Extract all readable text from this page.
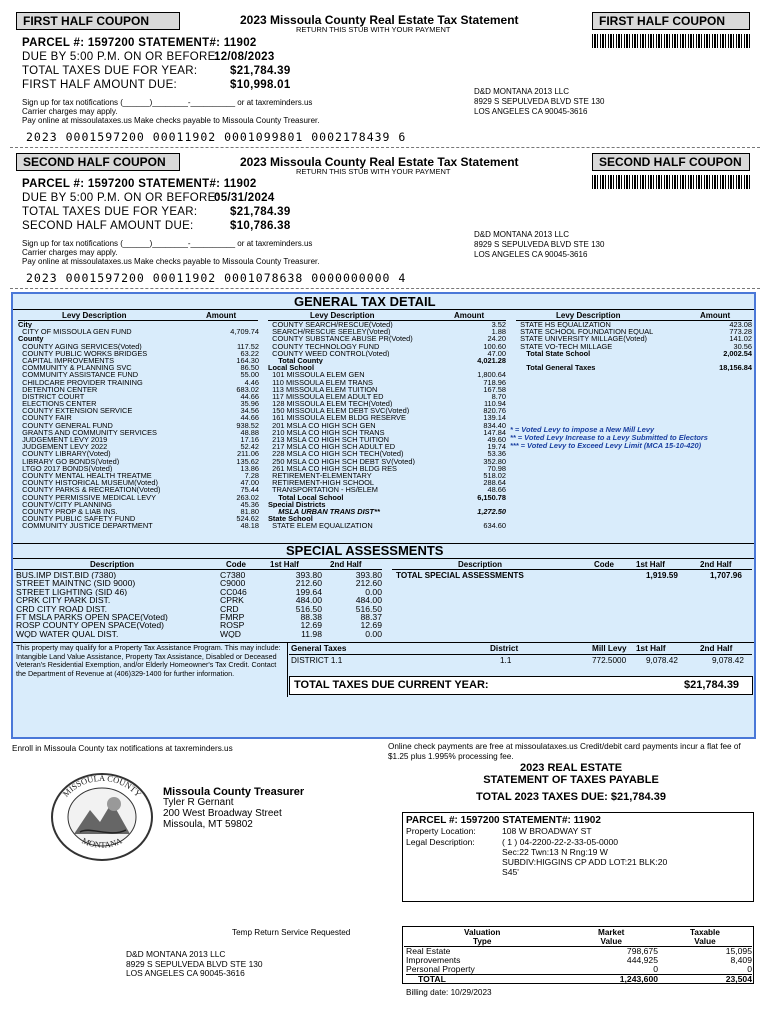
FIRST HALF COUPON	2023 Missoula County Real Estate Tax Statement
RETURN THIS STUB WITH YOUR PAYMENT
FIRST HALF COUPON
PARCEL #: 1597200 STATEMENT#: 11902
DUE BY 5:00 P.M. ON OR BEFORE:
12/08/2023
TOTAL TAXES DUE FOR YEAR:	$21,784.39
FIRST HALF AMOUNT DUE:	$10,998.01
Sign up for tax notifications (______)________-__________ or at taxreminders.us
Carrier charges may apply.
Pay online at missoulataxes.us Make checks payable to Missoula County Treasurer.
2023 0001597200 00011902 0001099801 0002178439 6
D&D MONTANA 2013 LLC
8929 S SEPULVEDA BLVD STE 130
LOS ANGELES CA 90045-3616
SECOND HALF COUPON	2023 Missoula County Real Estate Tax Statement
RETURN THIS STUB WITH YOUR PAYMENT
SECOND HALF COUPON
PARCEL #: 1597200 STATEMENT#: 11902
DUE BY 5:00 P.M. ON OR BEFORE:
05/31/2024
TOTAL TAXES DUE FOR YEAR:	$21,784.39
SECOND HALF AMOUNT DUE:	$10,786.38
Sign up for tax notifications (______)________-__________ or at taxreminders.us
Carrier charges may apply.
Pay online at missoulataxes.us Make checks payable to Missoula County Treasurer.
2023 0001597200 00011902 0001078638 0000000000 4
D&D MONTANA 2013 LLC
8929 S SEPULVEDA BLVD STE 130
LOS ANGELES CA 90045-3616
GENERAL TAX DETAIL
Levy Description	Amount	Levy Description	Amount	Levy Description	Amount
City
CITY OF MISSOULA GEN FUND	4,709.74
County
COUNTY AGING SERVICES(Voted)	117.52
COUNTY PUBLIC WORKS BRIDGES	63.22
CAPITAL IMPROVEMENTS	164.30
COMMUNITY & PLANNING SVC	86.50
COMMUNITY ASSISTANCE FUND	55.00
CHILDCARE PROVIDER TRAINING	4.46
DETENTION CENTER	683.02
DISTRICT COURT	44.66
ELECTIONS CENTER	35.96
COUNTY EXTENSION SERVICE	34.56
COUNTY FAIR	44.66
COUNTY GENERAL FUND	938.52
GRANTS AND COMMUNITY SERVICES	48.88
JUDGEMENT LEVY 2019	17.16
JUDGEMENT LEVY 2022	52.42
COUNTY LIBRARY(Voted)	211.06
LIBRARY GO BONDS(Voted)	135.62
LTGO 2017 BONDS(Voted)	13.86
COUNTY MENTAL HEALTH TREATME	7.28
COUNTY HISTORICAL MUSEUM(Voted)	47.00
COUNTY PARKS & RECREATION(Voted)	75.44
COUNTY PERMISSIVE MEDICAL LEVY	263.02
COUNTY/CITY PLANNING	45.36
COUNTY PROP & LIAB INS.	81.80
COUNTY PUBLIC SAFETY FUND	524.62
COMMUNITY JUSTICE DEPARTMENT	48.18
COUNTY SEARCH/RESCUE(Voted)	3.52
SEARCH/RESCUE SEELEY(Voted)	1.88
COUNTY SUBSTANCE ABUSE PR(Voted)	24.20
COUNTY TECHNOLOGY FUND	100.60
COUNTY WEED CONTROL(Voted)	47.00
Total County	4,021.28
Local School
101 MISSOULA ELEM GEN	1,800.64
110 MISSOULA ELEM TRANS	718.96
113 MISSOULA ELEM TUITION	167.58
117 MISSOULA ELEM ADULT ED	8.70
128 MISSOULA ELEM TECH(Voted)	110.94
150 MISSOULA ELEM DEBT SVC(Voted)	820.76
161 MISSOULA ELEM BLDG RESERVE	139.14
201 MSLA CO HIGH SCH GEN	834.40
210 MSLA CO HIGH SCH TRANS	147.84
213 MSLA CO HIGH SCH TUITION	49.60
217 MSLA CO HIGH SCH ADULT ED	19.74
228 MSLA CO HIGH SCH TECH(Voted)	53.36
250 MSLA CO HIGH SCH DEBT SV(Voted)	352.80
261 MSLA CO HIGH SCH BLDG RES	70.98
RETIREMENT-ELEMENTARY	518.02
RETIREMENT-HIGH SCHOOL	288.64
TRANSPORTATION - HS/ELEM	48.66
Total Local School	6,150.78
Special Districts
MSLA URBAN TRANS DIST**	1,272.50
State School
STATE ELEM EQUALIZATION	634.60
STATE HS EQUALIZATION	423.08
STATE SCHOOL FOUNDATION EQUAL	773.28
STATE UNIVERSITY MILLAGE(Voted)	141.02
STATE VO-TECH MILLAGE	30.56
Total State School	2,002.54
Total General Taxes	18,156.84
* = Voted Levy to impose a New Mill Levy
** = Voted Levy Increase to a Levy Submitted to Electors
*** = Voted Levy to Exceed Levy Limit (MCA 15-10-420)
SPECIAL ASSESSMENTS
Description	Code	1st Half	2nd Half	Description	Code	1st Half	2nd Half
BUS.IMP DIST.BID (7380)	C7380	393.80	393.80
STREET MAINTNC (SID 9000)	C9000	212.60	212.60
STREET LIGHTING (SID 46)	CC046	199.64	0.00
CPRK CITY PARK DIST.	CPRK	484.00	484.00
CRD CITY ROAD DIST.	CRD	516.50	516.50
FT MSLA PARKS OPEN SPACE(Voted)	FMRP	88.38	88.37
ROSP COUNTY OPEN SPACE(Voted)	ROSP	12.69	12.69
WQD WATER QUAL DIST.	WQD	11.98	0.00
TOTAL SPECIAL ASSESSMENTS	1,919.59	1,707.96
This property may qualify for a Property Tax Assistance Program. This may include: Intangible Land Value Assistance, Property Tax Assistance, Disabled or Deceased Veteran's Residential Exemption, and/or Elderly Homeowner's Tax Credit. Contact the Department of Revenue at (406)329-1400 for further information.
General Taxes	District	Mill Levy 1st Half	2nd Half
DISTRICT 1.1	1.1	772.5000 9,078.42	9,078.42
TOTAL TAXES DUE CURRENT YEAR:	$21,784.39
Enroll in Missoula County tax notifications at taxreminders.us	Online check payments are free at missoulataxes.us Credit/debit card payments incur a flat fee of $1.25 plus 1.995% processing fee.
2023 REAL ESTATE
STATEMENT OF TAXES PAYABLE
TOTAL 2023 TAXES DUE: $21,784.39
MISSOULA COUNTY
MONTANA
Missoula County Treasurer
Tyler R Gernant
200 West Broadway Street
Missoula, MT 59802	PARCEL #: 1597200 STATEMENT#: 11902
Property Location:	108 W BROADWAY ST
Legal Description:	( 1 ) 04-2200-22-2-33-05-0000
Sec:22 Twn:13 N Rng:19 W
SUBDIV:HIGGINS CP ADD LOT:21 BLK:20
S45'
Temp Return Service Requested
D&D MONTANA 2013 LLC
8929 S SEPULVEDA BLVD STE 130
LOS ANGELES CA 90045-3616
Valuation
Type
Market
Value
Taxable
Value
Real Estate	798,675	15,095
Improvements	444,925	8,409
Personal Property	0	0
TOTAL	1,243,600	23,504
Billing date: 10/29/2023
